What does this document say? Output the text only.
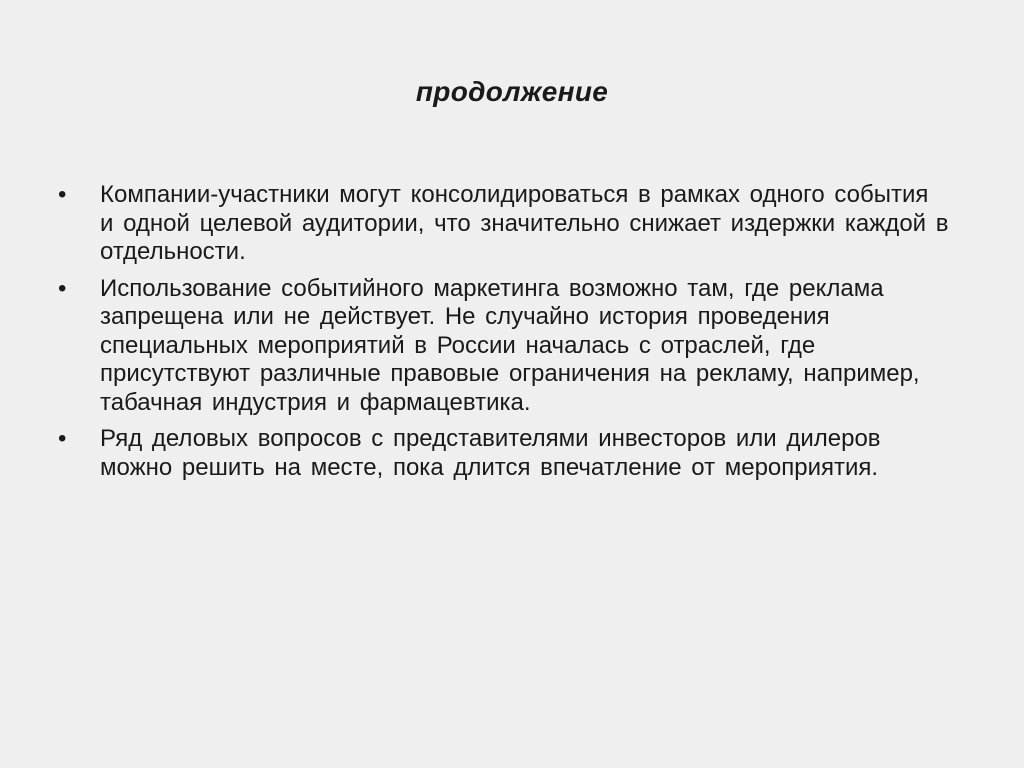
продолжение
•	Компании-участники могут консолидироваться в рамках одного события и одной целевой аудитории, что значительно снижает издержки каждой в отдельности.
•	Использование событийного маркетинга возможно там, где реклама запрещена или не действует. Не случайно история проведения специальных мероприятий в России началась с отраслей, где присутствуют различные правовые ограничения на рекламу, например, табачная индустрия и фармацевтика.
•	Ряд деловых вопросов с представителями инвесторов или дилеров можно решить на месте, пока длится впечатление от мероприятия.
